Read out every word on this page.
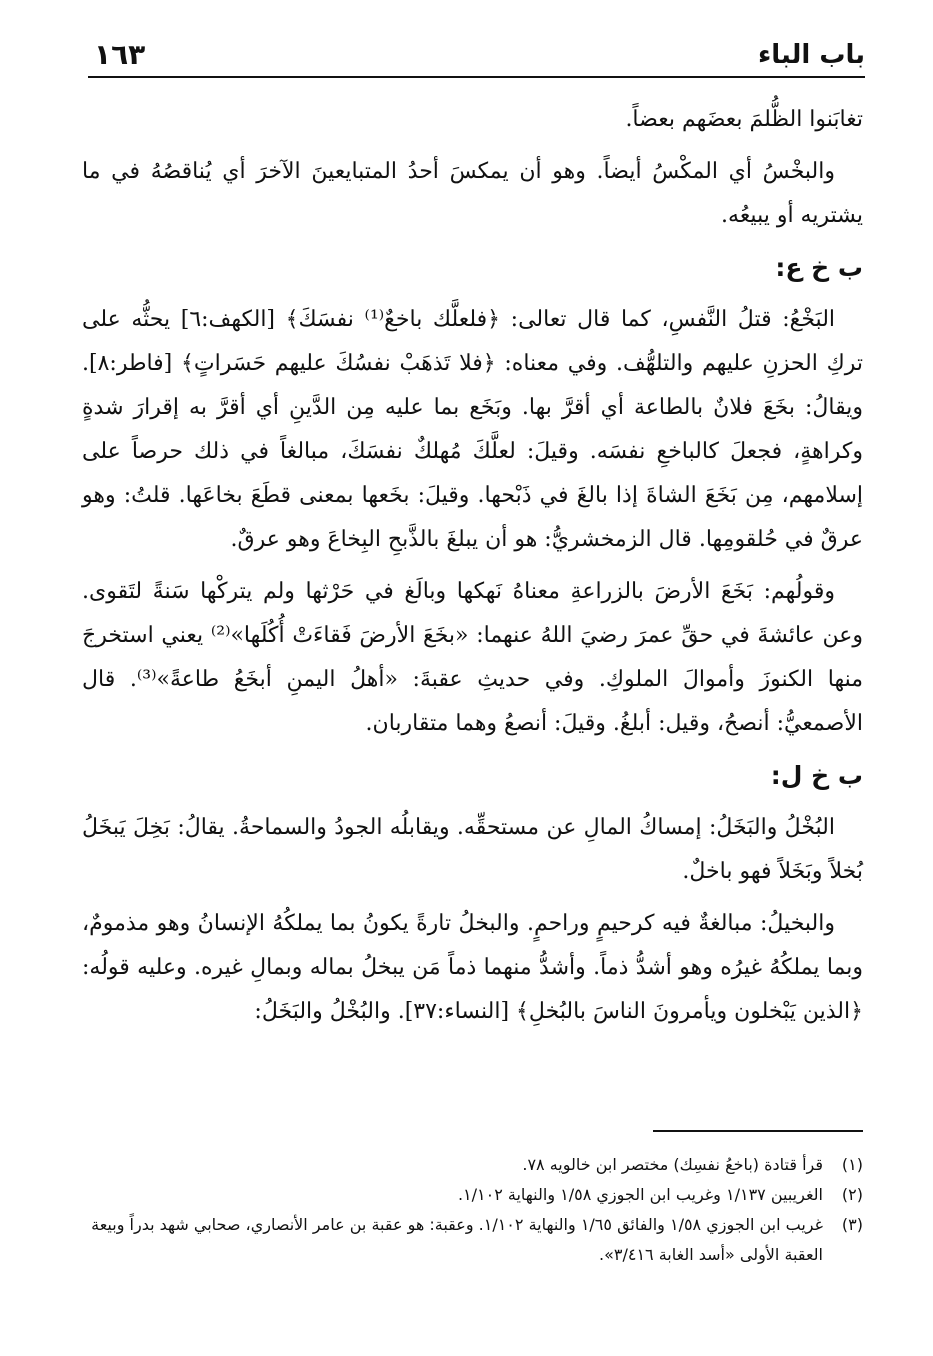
باب الباء
١٦٣

تغابَنوا الظُّلمَ بعضَهم بعضاً.

والبخْسُ أي المكْسُ أيضاً. وهو أن يمكسَ أحدُ المتبايعينَ الآخرَ أي يُناقصُهُ في ما يشتريه أو يبيعُه.

ب خ ع:

البَخْعُ: قتلُ النَّفسِ، كما قال تعالى: ﴿فلعلَّك باخعٌ⁽¹⁾ نفسَكَ﴾ [الكهف:٦] يحثُّه على تركِ الحزنِ عليهم والتلهُّف. وفي معناه: ﴿فلا تَذهَبْ نفسُكَ عليهم حَسَراتٍ﴾ [فاطر:٨]. ويقالُ: بخَعَ فلانٌ بالطاعة أي أقرَّ بها. وبَخَع بما عليه مِن الدَّينِ أي أقرَّ به إقرارَ شدةٍ وكراهةٍ، فجعلَ كالباخعِ نفسَه. وقيلَ: لعلَّكَ مُهلكٌ نفسَكَ، مبالغاً في ذلك حرصاً على إسلامهم، مِن بَخَعَ الشاةَ إذا بالغَ في ذَبْحها. وقيلَ: بخَعها بمعنى قطَعَ بخاعَها. قلتُ: وهو عرقٌ في حُلقومِها. قال الزمخشريُّ: هو أن يبلغَ بالذَّبحِ البِخاعَ وهو عرقٌ.

وقولُهم: بَخَعَ الأرضَ بالزراعةِ معناهُ نَهكها وبالَغ في حَرْثها ولم يتركْها سَنةً لتَقوى. وعن عائشةَ في حقِّ عمرَ رضيَ اللهُ عنهما: «بخَعَ الأرضَ فَقاءَتْ أُكُلَها»⁽²⁾ يعني استخرجَ منها الكنوزَ وأموالَ الملوكِ. وفي حديثِ عقبةَ: «أهلُ اليمنِ أبخَعُ طاعةً»⁽³⁾. قال الأصمعيُّ: أنصحُ، وقيل: أبلغُ. وقيلَ: أنصعُ وهما متقاربان.

ب خ ل:

البُخْلُ والبَخَلُ: إمساكُ المالِ عن مستحقِّه. ويقابلُه الجودُ والسماحةُ. يقالُ: بَخِلَ يَبخَلُ بُخلاً وبَخَلاً فهو باخلٌ.

والبخيلُ: مبالغةٌ فيه كرحيمٍ وراحمٍ. والبخلُ تارةً يكونُ بما يملكُهُ الإنسانُ وهو مذمومٌ، وبما يملكُهُ غيرُه وهو أشدُّ ذماً. وأشدُّ منهما ذماً مَن يبخلُ بماله وبمالِ غيره. وعليه قولُه: ﴿الذين يَبْخلون ويأمرونَ الناسَ بالبُخلِ﴾ [النساء:٣٧]. والبُخْلُ والبَخَلُ:

(١)
قرأ قتادة (باخعُ نفسِك) مختصر ابن خالويه ٧٨.
(٢)
الغريبين ١/١٣٧ وغريب ابن الجوزي ١/٥٨ والنهاية ١/١٠٢.
(٣)
غريب ابن الجوزي ١/٥٨ والفائق ١/٦٥ والنهاية ١/١٠٢. وعقبة: هو عقبة بن عامر الأنصاري، صحابي شهد بدراً وبيعة العقبة الأولى «أسد الغابة ٣/٤١٦».
